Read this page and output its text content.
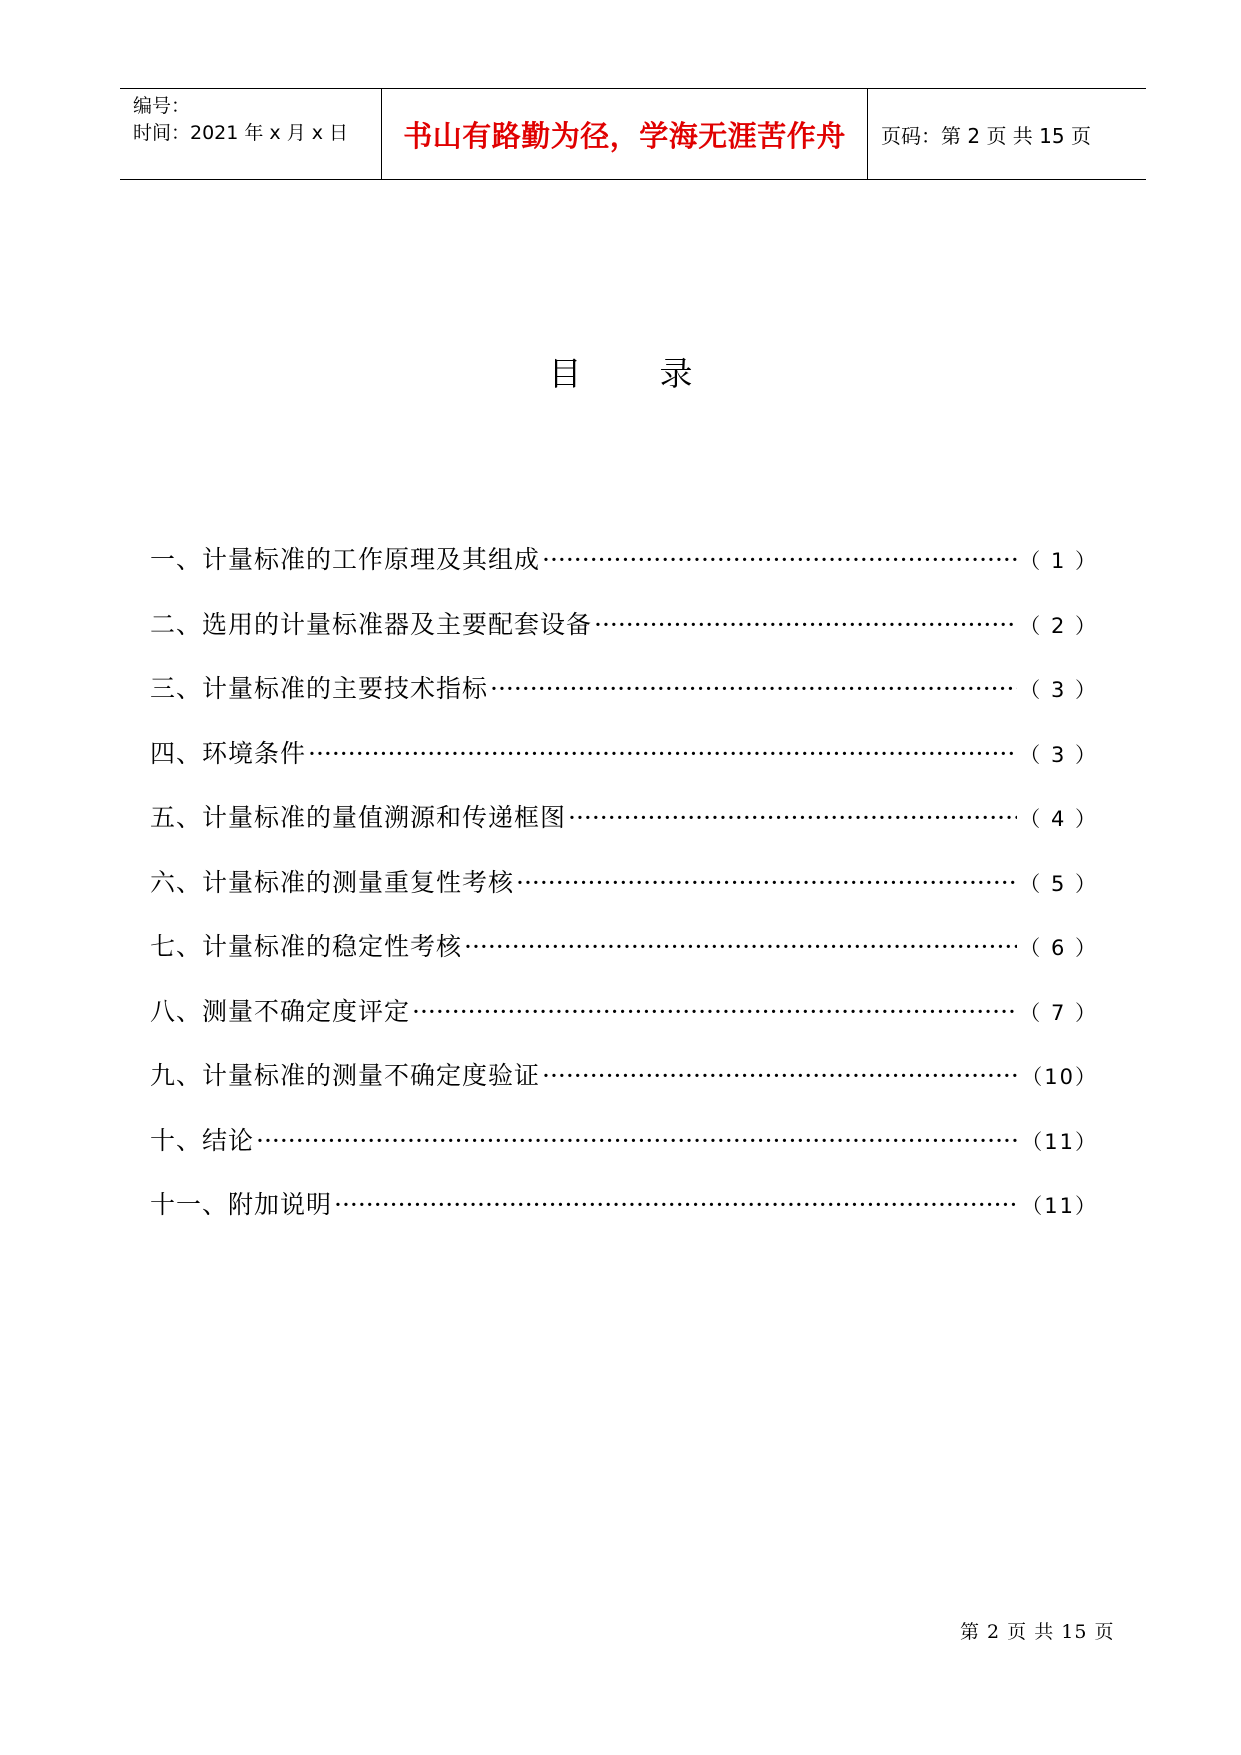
编号：
时间：2021 年 x 月 x 日	书山有路勤为径，学海无涯苦作舟 页码：第 2 页 共 15 页
目 录
一、计量标准的工作原理及其组成 ·····	（ 1 ）
二、选用的计量标准器及主要配套设备 ·····	（ 2 ）
三、计量标准的主要技术指标 ·····	（ 3 ）
四、环境条件 ·····	（ 3 ）
五、计量标准的量值溯源和传递框图 ·····	（ 4 ）
六、计量标准的测量重复性考核 ·····	（ 5 ）
七、计量标准的稳定性考核 ·····	（ 6 ）
八、测量不确定度评定 ·····	（ 7 ）
九、计量标准的测量不确定度验证 ·····	（10）
十、结论 ·····	（11）
十一、附加说明 ·····	（11）
第 2 页 共 15 页
